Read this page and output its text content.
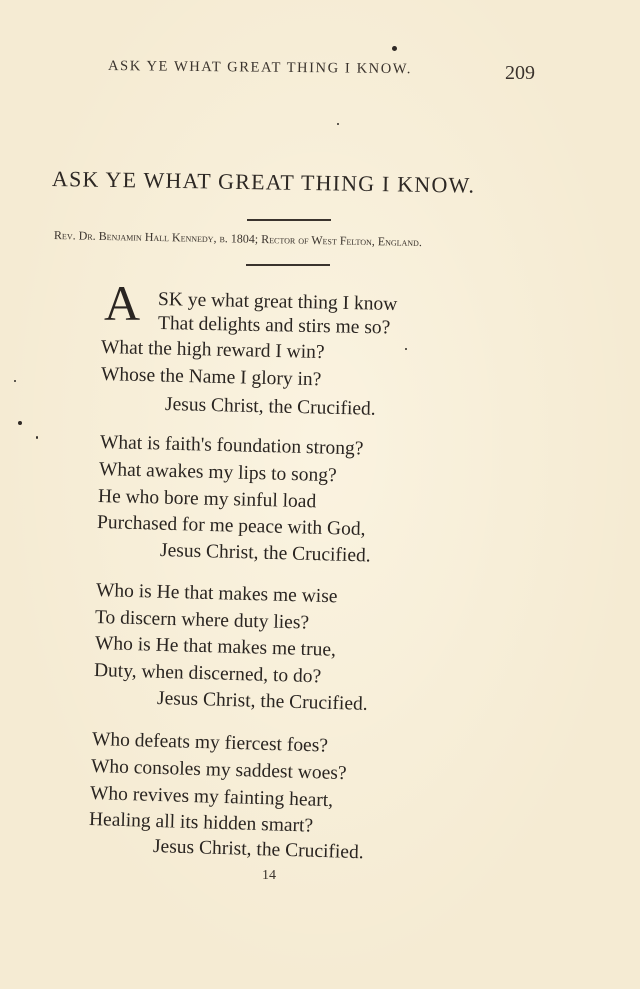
ASK YE WHAT GREAT THING I KNOW.	209
ASK YE WHAT GREAT THING I KNOW.
Rev. Dr. Benjamin Hall Kennedy, b. 1804; Rector of West Felton, England.
A SK ye what great thing I know
That delights and stirs me so?
What the high reward I win?
Whose the Name I glory in?
Jesus Christ, the Crucified.
What is faith's foundation strong?
What awakes my lips to song?
He who bore my sinful load
Purchased for me peace with God,
Jesus Christ, the Crucified.
Who is He that makes me wise
To discern where duty lies?
Who is He that makes me true,
Duty, when discerned, to do?
Jesus Christ, the Crucified.
Who defeats my fiercest foes?
Who consoles my saddest woes?
Who revives my fainting heart,
Healing all its hidden smart?
Jesus Christ, the Crucified.
14
